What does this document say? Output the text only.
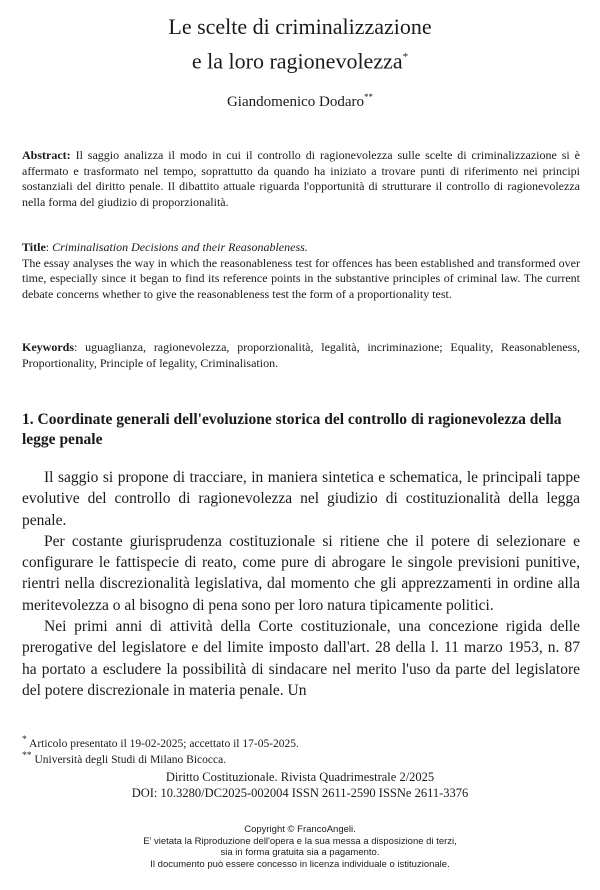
Le scelte di criminalizzazione
e la loro ragionevolezza*
Giandomenico Dodaro**
Abstract: Il saggio analizza il modo in cui il controllo di ragionevolezza sulle scelte di criminalizzazione si è affermato e trasformato nel tempo, soprattutto da quando ha iniziato a trovare punti di riferimento nei principi sostanziali del diritto penale. Il dibattito attuale riguarda l'opportunità di strutturare il controllo di ragionevolezza nella forma del giudizio di proporzionalità.
Title: Criminalisation Decisions and their Reasonableness.
The essay analyses the way in which the reasonableness test for offences has been established and transformed over time, especially since it began to find its reference points in the substantive principles of criminal law. The current debate concerns whether to give the reasonableness test the form of a proportionality test.
Keywords: uguaglianza, ragionevolezza, proporzionalità, legalità, incriminazione; Equality, Reasonableness, Proportionality, Principle of legality, Criminalisation.
1. Coordinate generali dell'evoluzione storica del controllo di ragionevolezza della legge penale

Il saggio si propone di tracciare, in maniera sintetica e schematica, le principali tappe evolutive del controllo di ragionevolezza nel giudizio di costituzionalità della legga penale.

Per costante giurisprudenza costituzionale si ritiene che il potere di selezionare e configurare le fattispecie di reato, come pure di abrogare le singole previsioni punitive, rientri nella discrezionalità legislativa, dal momento che gli apprezzamenti in ordine alla meritevolezza o al bisogno di pena sono per loro natura tipicamente politici.

Nei primi anni di attività della Corte costituzionale, una concezione rigida delle prerogative del legislatore e del limite imposto dall'art. 28 della l. 11 marzo 1953, n. 87 ha portato a escludere la possibilità di sindacare nel merito l'uso da parte del legislatore del potere discrezionale in materia penale. Un

* Articolo presentato il 19-02-2025; accettato il 17-05-2025.
** Università degli Studi di Milano Bicocca.
Diritto Costituzionale. Rivista Quadrimestrale 2/2025
DOI: 10.3280/DC2025-002004 ISSN 2611-2590 ISSNe 2611-3376
Copyright © FrancoAngeli.
E' vietata la Riproduzione dell'opera e la sua messa a disposizione di terzi,
sia in forma gratuita sia a pagamento.
Il documento può essere concesso in licenza individuale o istituzionale.
